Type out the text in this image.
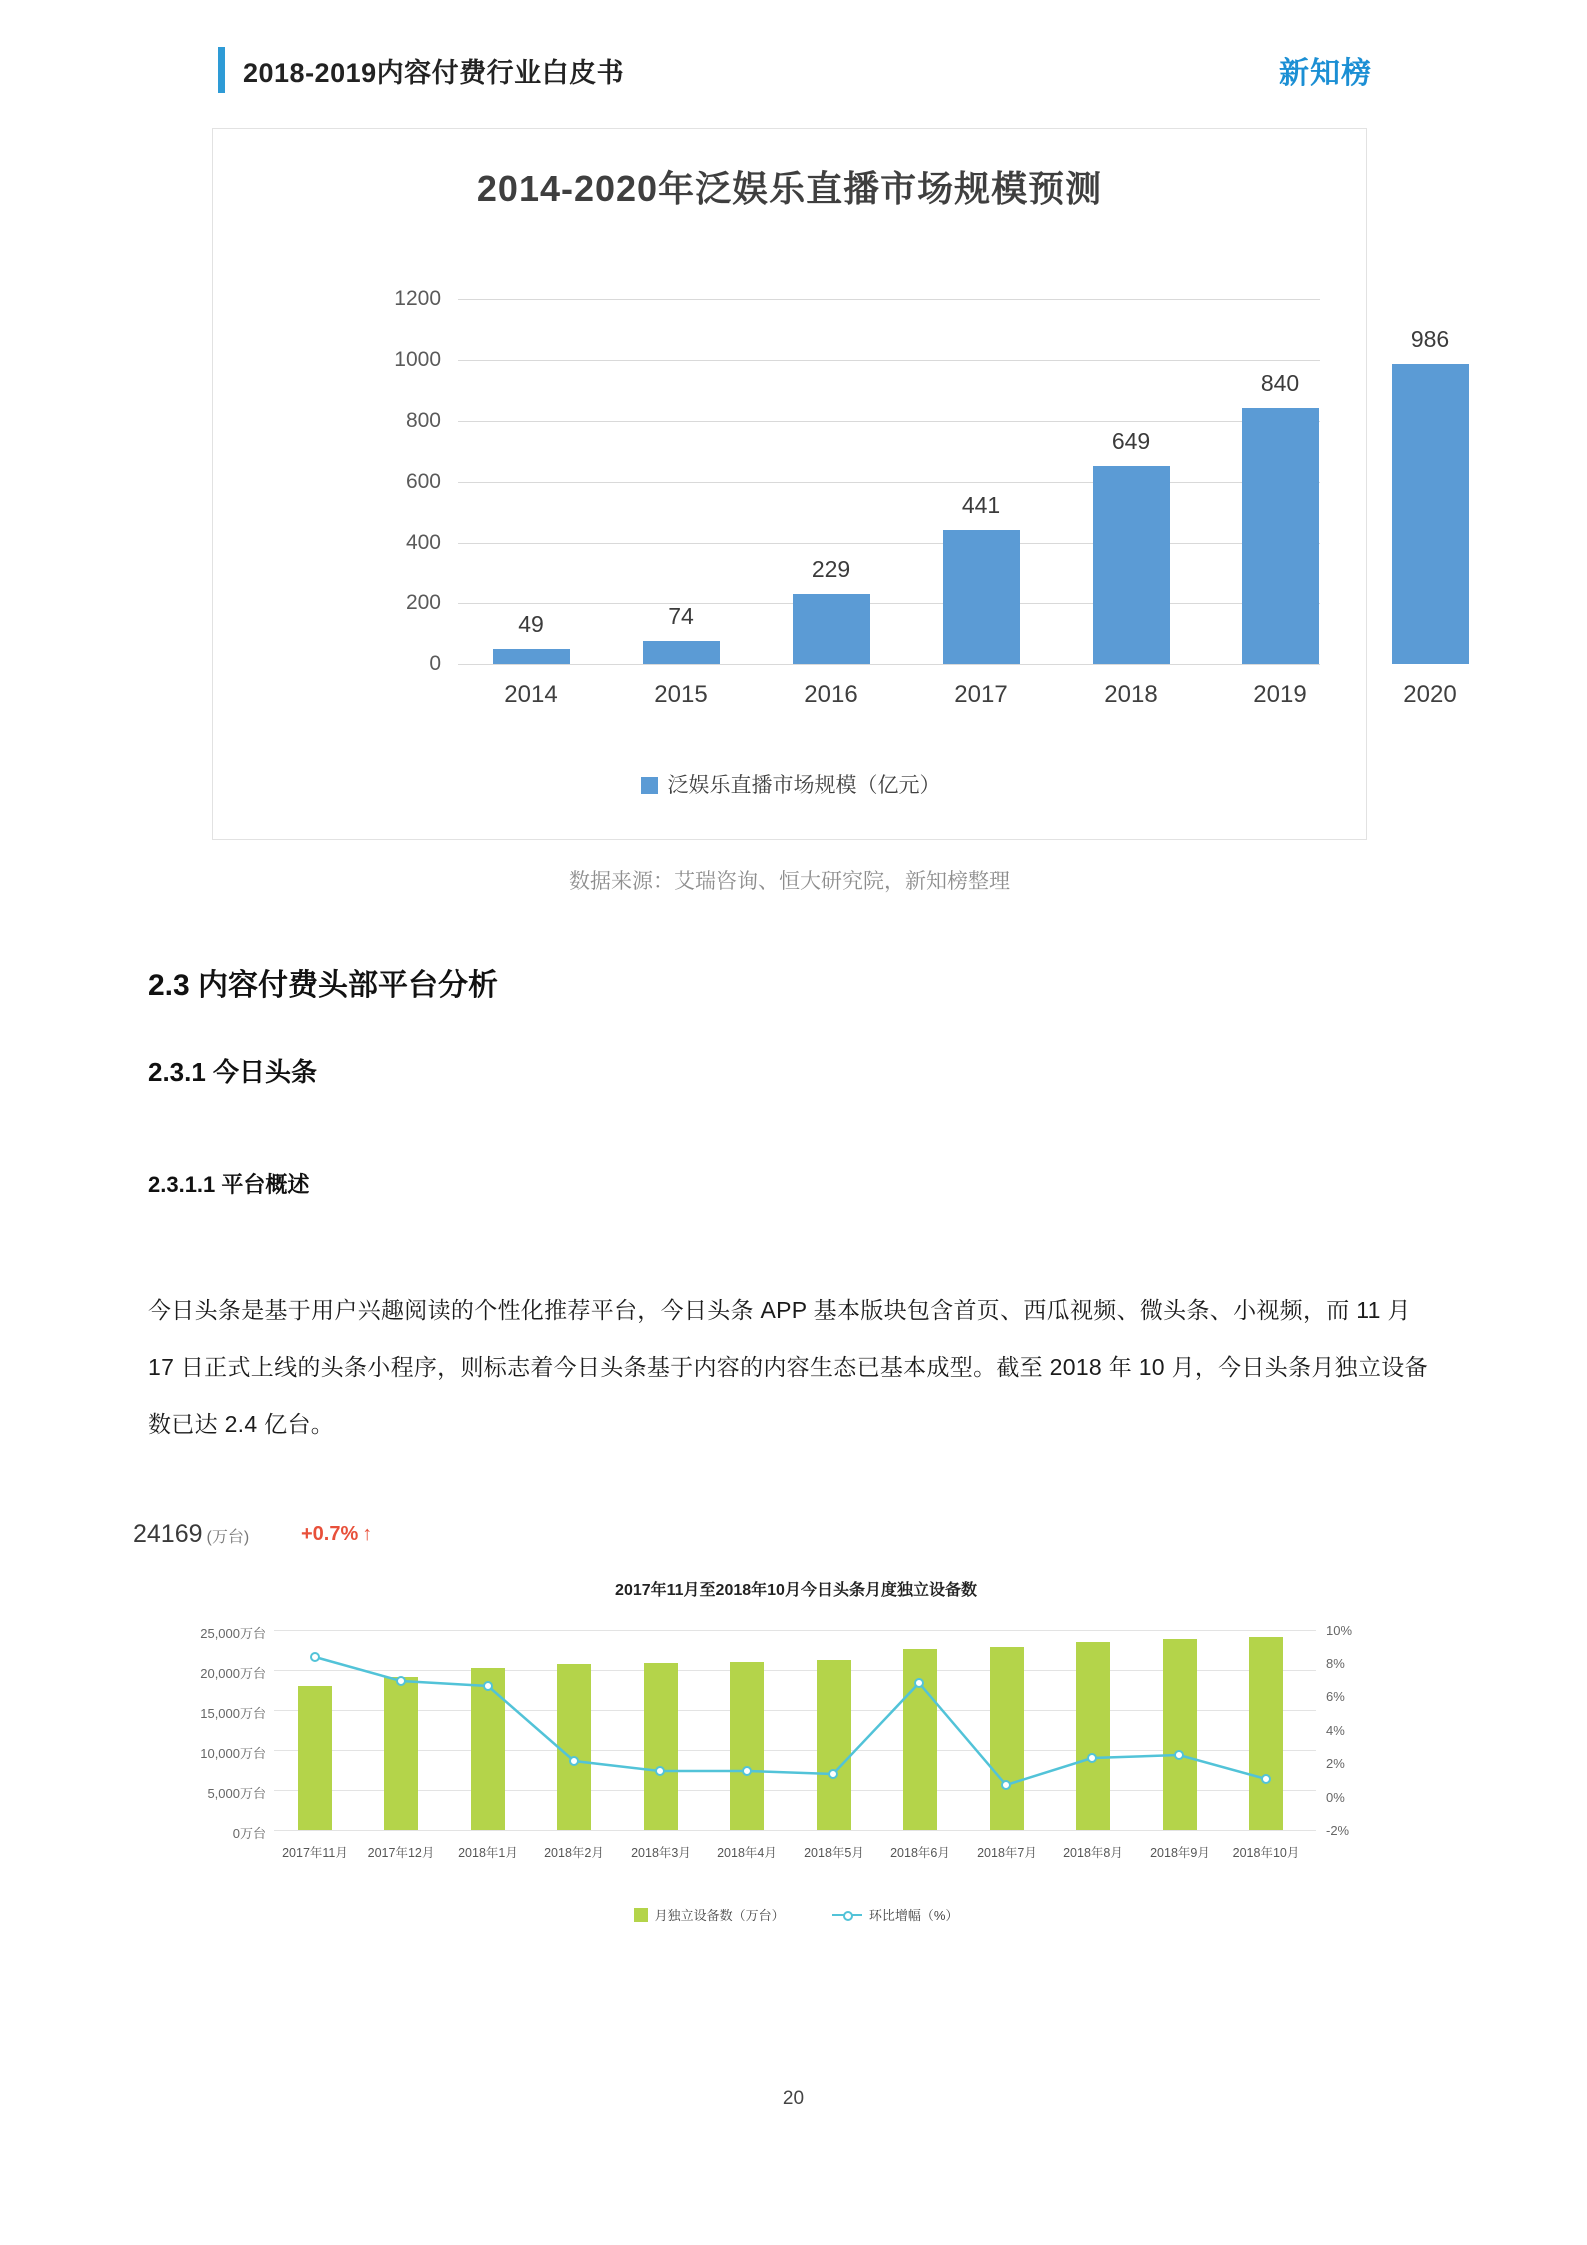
2018-2019内容付费行业白皮书	新知榜
2014-2020年泛娱乐直播市场规模预测
1200
1000
800
600
400
200
0
49	74
229
441
649
840
986
2014	2015	2016	2017	2018	2019	2020
泛娱乐直播市场规模（亿元）
数据来源：艾瑞咨询、恒大研究院，新知榜整理
2.3 内容付费头部平台分析
2.3.1 今日头条
2.3.1.1 平台概述
今日头条是基于用户兴趣阅读的个性化推荐平台，今日头条 APP 基本版块包含首页、西瓜视频、微头条、小视频，而 11 月 17 日正式上线的头条小程序，则标志着今日头条基于内容的内容生态已基本成型。截至 2018 年 10 月，今日头条月独立设备数已达 2.4 亿台。
24169 (万台)	+0.7% ↑
2017年11月至2018年10月今日头条月度独立设备数
25,000万台
20,000万台
15,000万台
10,000万台
5,000万台
0万台
10%
8%
6%
4%
2%
0%
-2%
2017年11月	2017年12月	2018年1月	2018年2月	2018年3月	2018年4月	2018年5月	2018年6月	2018年7月	2018年8月	2018年9月	2018年10月
月独立设备数（万台）	环比增幅（%）
20
